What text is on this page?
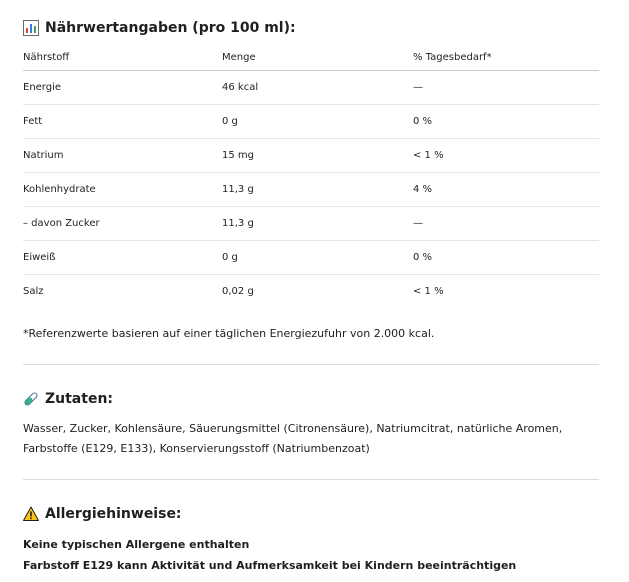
Nährwertangaben (pro 100 ml):
Nährstoff	Menge	% Tagesbedarf*
Energie	46 kcal	—
Fett	0 g	0 %
Natrium	15 mg	< 1 %
Kohlenhydrate	11,3 g	4 %
– davon Zucker	11,3 g	—
Eiweiß	0 g	0 %
Salz	0,02 g	< 1 %
*Referenzwerte basieren auf einer täglichen Energiezufuhr von 2.000 kcal.
Zutaten:

Wasser, Zucker, Kohlensäure, Säuerungsmittel (Citronensäure), Natriumcitrat, natürliche Aromen, Farbstoffe (E129, E133), Konservierungsstoff (Natriumbenzoat)

Allergiehinweise:
Keine typischen Allergene enthalten
Farbstoff E129 kann Aktivität und Aufmerksamkeit bei Kindern beeinträchtigen
